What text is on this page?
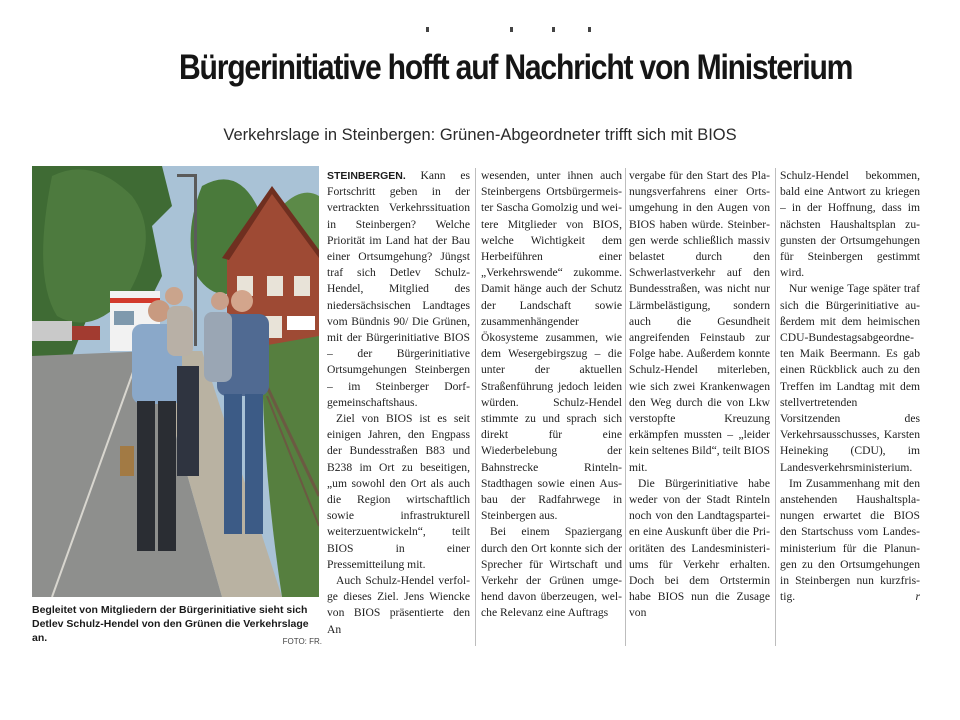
Bürgerinitiative hofft auf Nachricht von Ministerium
Verkehrslage in Steinbergen: Grünen-Abgeordneter trifft sich mit BIOS
Begleitet von Mitgliedern der Bürgerinitiative sieht sich Detlev Schulz-Hendel von den Grünen die Verkehrslage an.	FOTO: FR.

STEINBERGEN. Kann es Fortschritt geben in der vertrackten Verkehrssituation in Steinbergen? Welche Priorität im Land hat der Bau einer Ortsumgehung? Jüngst traf sich Detlev Schulz-Hendel, Mitglied des niedersächsischen Landtages vom Bündnis 90/ Die Grünen, mit der Bürgerinitiative BIOS – der Bürgerinitiative Ortsumgehungen Steinbergen – im Steinberger Dorfgemeinschaftshaus.

Ziel von BIOS ist es seit einigen Jahren, den Engpass der Bundesstraßen B83 und B238 im Ort zu beseitigen, „um sowohl den Ort als auch die Region wirtschaftlich sowie infrastrukturell weiterzuentwickeln“, teilt BIOS in einer Pressemitteilung mit.

Auch Schulz-Hendel verfolge dieses Ziel. Jens Wiencke von BIOS präsentierte den An

wesenden, unter ihnen auch Steinbergens Ortsbürgermeister Sascha Gomolzig und weitere Mitglieder von BIOS, welche Wichtigkeit dem Herbeiführen einer „Verkehrswende“ zukomme. Damit hänge auch der Schutz der Landschaft sowie zusammenhängender Ökosysteme zusammen, wie dem Wesergebirgszug – die unter der aktuellen Straßenführung jedoch leiden würden. Schulz-Hendel stimmte zu und sprach sich direkt für eine Wiederbelebung der Bahnstrecke Rinteln-Stadthagen sowie einen Ausbau der Radfahrwege in Steinbergen aus.

Bei einem Spaziergang durch den Ort konnte sich der Sprecher für Wirtschaft und Verkehr der Grünen umgehend davon überzeugen, welche Relevanz eine Auftrags

vergabe für den Start des Planungsverfahrens einer Ortsumgehung in den Augen von BIOS haben würde. Steinbergen werde schließlich massiv belastet durch den Schwerlastverkehr auf den Bundesstraßen, was nicht nur Lärmbelästigung, sondern auch die Gesundheit angreifenden Feinstaub zur Folge habe. Außerdem konnte Schulz-Hendel miterleben, wie sich zwei Krankenwagen den Weg durch die von Lkw verstopfte Kreuzung erkämpfen mussten – „leider kein seltenes Bild“, teilt BIOS mit.

Die Bürgerinitiative habe weder von der Stadt Rinteln noch von den Landtagsparteien eine Auskunft über die Prioritäten des Landesministeriums für Verkehr erhalten. Doch bei dem Ortstermin habe BIOS nun die Zusage von

Schulz-Hendel bekommen, bald eine Antwort zu kriegen – in der Hoffnung, dass im nächsten Haushaltsplan zugunsten der Ortsumgehungen für Steinbergen gestimmt wird.

Nur wenige Tage später traf sich die Bürgerinitiative außerdem mit dem heimischen CDU-Bundestagsabgeordneten Maik Beermann. Es gab einen Rückblick auch zu den Treffen im Landtag mit dem stellvertretenden Vorsitzenden des Verkehrsausschusses, Karsten Heineking (CDU), im Landesverkehrsministerium.

Im Zusammenhang mit den anstehenden Haushaltsplanungen erwartet die BIOS den Startschuss vom Landesministerium für die Planungen zu den Ortsumgehungen in Steinbergen nun kurzfristig.	r
